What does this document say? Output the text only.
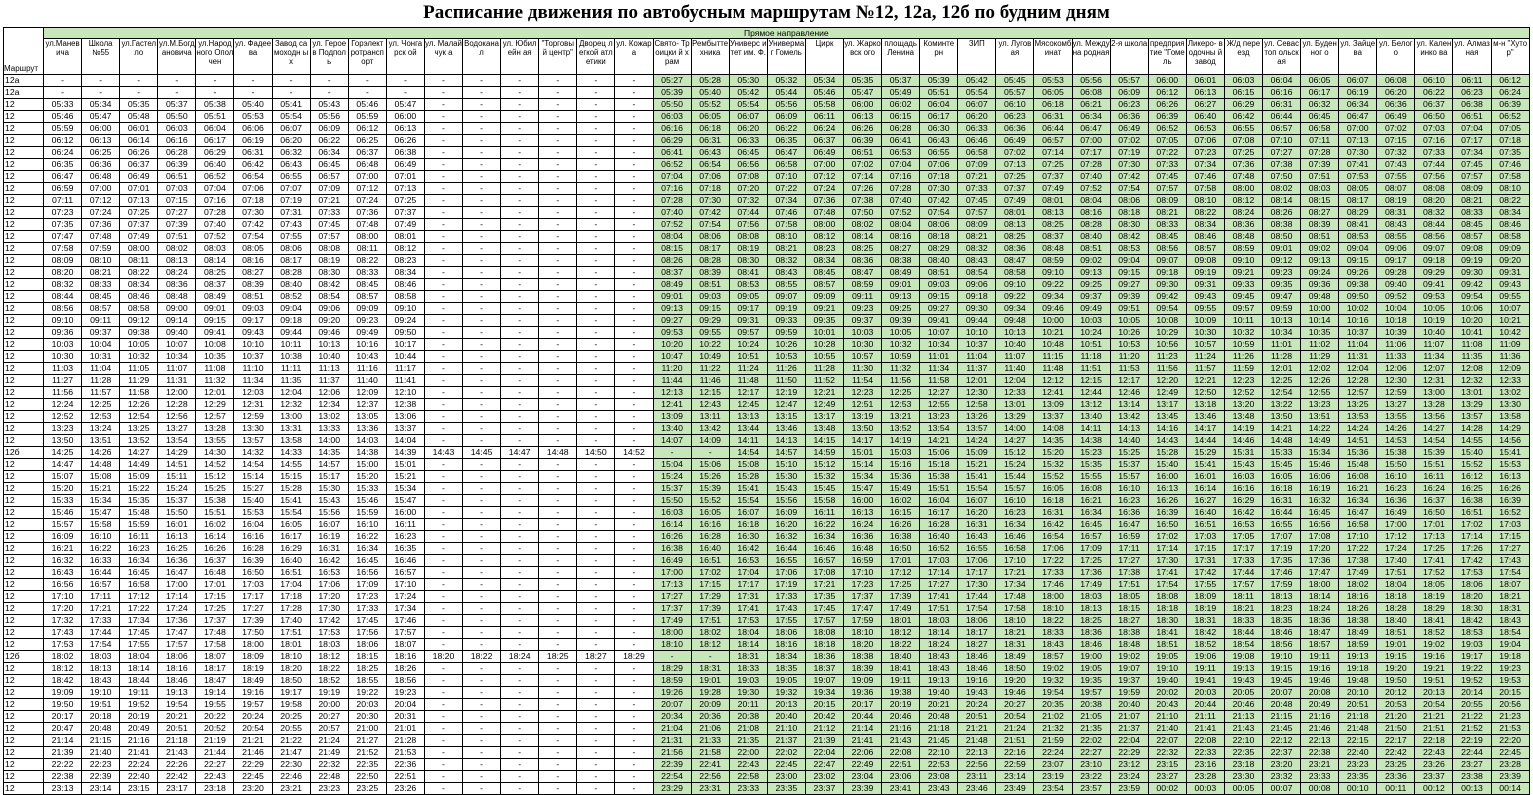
Расписание движения по автобусным маршрутам №12, 12а, 12б по будним дням
Маршрут	Прямое направление																																						
	ул.Манев ича	Школа №55	ул.Гастел ло	ул.М.Богд ановича	ул.Народ ного Ополчен	ул. Фадеева	Завод самоходн ых	ул. Героев Подполь	Горэлект ротрансп орт	ул. Чонгарск ой	ул. Малайчук а	Водокана л	ул. Юбилейн ая	"Торговы й центр"	Дворец легкой атлетики	ул. Кожара	Свято- Троицки й храм	Рембытте хника	Универс итет им. Ф.	Универма г Гомель	Цирк	ул. Жарковск ого	площадь Ленина	Коминте рн	ЗИП	ул. Луговая	Мясокомб инат	ул. Междуна родная	2-я школа	предприя тие "Гомель	Ликеро- водочны й завод	Ж/д переезд	ул. Севастоп ольская	ул. Буденног о	ул. Зайцева	ул. Белого	ул. Каленинко ва	ул. Алмазная	м-н "Хутор"
12а	-	-	-	-	-	-	-	-	-	-	-	-	-	-	-	-	05:27	05:28	05:30	05:32	05:34	05:35	05:37	05:39	05:42	05:45	05:53	05:56	05:57	06:00	06:01	06:03	06:04	06:05	06:07	06:08	06:10	06:11	06:12
12а	-	-	-	-	-	-	-	-	-	-	-	-	-	-	-	-	05:39	05:40	05:42	05:44	05:46	05:47	05:49	05:51	05:54	05:57	06:05	06:08	06:09	06:12	06:13	06:15	06:16	06:17	06:19	06:20	06:22	06:23	06:24
12	05:33	05:34	05:35	05:37	05:38	05:40	05:41	05:43	05:46	05:47	-	-	-	-	-	-	05:50	05:52	05:54	05:56	05:58	06:00	06:02	06:04	06:07	06:10	06:18	06:21	06:23	06:26	06:27	06:29	06:31	06:32	06:34	06:36	06:37	06:38	06:39
12	05:46	05:47	05:48	05:50	05:51	05:53	05:54	05:56	05:59	06:00	-	-	-	-	-	-	06:03	06:05	06:07	06:09	06:11	06:13	06:15	06:17	06:20	06:23	06:31	06:34	06:36	06:39	06:40	06:42	06:44	06:45	06:47	06:49	06:50	06:51	06:52
12	05:59	06:00	06:01	06:03	06:04	06:06	06:07	06:09	06:12	06:13	-	-	-	-	-	-	06:16	06:18	06:20	06:22	06:24	06:26	06:28	06:30	06:33	06:36	06:44	06:47	06:49	06:52	06:53	06:55	06:57	06:58	07:00	07:02	07:03	07:04	07:05
12	06:12	06:13	06:14	06:16	06:17	06:19	06:20	06:22	06:25	06:26	-	-	-	-	-	-	06:29	06:31	06:33	06:35	06:37	06:39	06:41	06:43	06:46	06:49	06:57	07:00	07:02	07:05	07:06	07:08	07:10	07:11	07:13	07:15	07:16	07:17	07:18
12	06:24	06:25	06:26	06:28	06:29	06:31	06:32	06:34	06:37	06:38	-	-	-	-	-	-	06:41	06:43	06:45	06:47	06:49	06:51	06:53	06:55	06:58	07:02	07:14	07:17	07:19	07:22	07:23	07:25	07:27	07:28	07:30	07:32	07:33	07:34	07:35
12	06:35	06:36	06:37	06:39	06:40	06:42	06:43	06:45	06:48	06:49	-	-	-	-	-	-	06:52	06:54	06:56	06:58	07:00	07:02	07:04	07:06	07:09	07:13	07:25	07:28	07:30	07:33	07:34	07:36	07:38	07:39	07:41	07:43	07:44	07:45	07:46
12	06:47	06:48	06:49	06:51	06:52	06:54	06:55	06:57	07:00	07:01	-	-	-	-	-	-	07:04	07:06	07:08	07:10	07:12	07:14	07:16	07:18	07:21	07:25	07:37	07:40	07:42	07:45	07:46	07:48	07:50	07:51	07:53	07:55	07:56	07:57	07:58
12	06:59	07:00	07:01	07:03	07:04	07:06	07:07	07:09	07:12	07:13	-	-	-	-	-	-	07:16	07:18	07:20	07:22	07:24	07:26	07:28	07:30	07:33	07:37	07:49	07:52	07:54	07:57	07:58	08:00	08:02	08:03	08:05	08:07	08:08	08:09	08:10
12	07:11	07:12	07:13	07:15	07:16	07:18	07:19	07:21	07:24	07:25	-	-	-	-	-	-	07:28	07:30	07:32	07:34	07:36	07:38	07:40	07:42	07:45	07:49	08:01	08:04	08:06	08:09	08:10	08:12	08:14	08:15	08:17	08:19	08:20	08:21	08:22
12	07:23	07:24	07:25	07:27	07:28	07:30	07:31	07:33	07:36	07:37	-	-	-	-	-	-	07:40	07:42	07:44	07:46	07:48	07:50	07:52	07:54	07:57	08:01	08:13	08:16	08:18	08:21	08:22	08:24	08:26	08:27	08:29	08:31	08:32	08:33	08:34
12	07:35	07:36	07:37	07:39	07:40	07:42	07:43	07:45	07:48	07:49	-	-	-	-	-	-	07:52	07:54	07:56	07:58	08:00	08:02	08:04	08:06	08:09	08:13	08:25	08:28	08:30	08:33	08:34	08:36	08:38	08:39	08:41	08:43	08:44	08:45	08:46
12	07:47	07:48	07:49	07:51	07:52	07:54	07:55	07:57	08:00	08:01	-	-	-	-	-	-	08:04	08:06	08:08	08:10	08:12	08:14	08:16	08:18	08:21	08:25	08:37	08:40	08:42	08:45	08:46	08:48	08:50	08:51	08:53	08:55	08:56	08:57	08:58
12	07:58	07:59	08:00	08:02	08:03	08:05	08:06	08:08	08:11	08:12	-	-	-	-	-	-	08:15	08:17	08:19	08:21	08:23	08:25	08:27	08:29	08:32	08:36	08:48	08:51	08:53	08:56	08:57	08:59	09:01	09:02	09:04	09:06	09:07	09:08	09:09
12	08:09	08:10	08:11	08:13	08:14	08:16	08:17	08:19	08:22	08:23	-	-	-	-	-	-	08:26	08:28	08:30	08:32	08:34	08:36	08:38	08:40	08:43	08:47	08:59	09:02	09:04	09:07	09:08	09:10	09:12	09:13	09:15	09:17	09:18	09:19	09:20
12	08:20	08:21	08:22	08:24	08:25	08:27	08:28	08:30	08:33	08:34	-	-	-	-	-	-	08:37	08:39	08:41	08:43	08:45	08:47	08:49	08:51	08:54	08:58	09:10	09:13	09:15	09:18	09:19	09:21	09:23	09:24	09:26	09:28	09:29	09:30	09:31
12	08:32	08:33	08:34	08:36	08:37	08:39	08:40	08:42	08:45	08:46	-	-	-	-	-	-	08:49	08:51	08:53	08:55	08:57	08:59	09:01	09:03	09:06	09:10	09:22	09:25	09:27	09:30	09:31	09:33	09:35	09:36	09:38	09:40	09:41	09:42	09:43
12	08:44	08:45	08:46	08:48	08:49	08:51	08:52	08:54	08:57	08:58	-	-	-	-	-	-	09:01	09:03	09:05	09:07	09:09	09:11	09:13	09:15	09:18	09:22	09:34	09:37	09:39	09:42	09:43	09:45	09:47	09:48	09:50	09:52	09:53	09:54	09:55
12	08:56	08:57	08:58	09:00	09:01	09:03	09:04	09:06	09:09	09:10	-	-	-	-	-	-	09:13	09:15	09:17	09:19	09:21	09:23	09:25	09:27	09:30	09:34	09:46	09:49	09:51	09:54	09:55	09:57	09:59	10:00	10:02	10:04	10:05	10:06	10:07
12	09:10	09:11	09:12	09:14	09:15	09:17	09:18	09:20	09:23	09:24	-	-	-	-	-	-	09:27	09:29	09:31	09:33	09:35	09:37	09:39	09:41	09:44	09:48	10:00	10:03	10:05	10:08	10:09	10:11	10:13	10:14	10:16	10:18	10:19	10:20	10:21
12	09:36	09:37	09:38	09:40	09:41	09:43	09:44	09:46	09:49	09:50	-	-	-	-	-	-	09:53	09:55	09:57	09:59	10:01	10:03	10:05	10:07	10:10	10:13	10:21	10:24	10:26	10:29	10:30	10:32	10:34	10:35	10:37	10:39	10:40	10:41	10:42
12	10:03	10:04	10:05	10:07	10:08	10:10	10:11	10:13	10:16	10:17	-	-	-	-	-	-	10:20	10:22	10:24	10:26	10:28	10:30	10:32	10:34	10:37	10:40	10:48	10:51	10:53	10:56	10:57	10:59	11:01	11:02	11:04	11:06	11:07	11:08	11:09
12	10:30	10:31	10:32	10:34	10:35	10:37	10:38	10:40	10:43	10:44	-	-	-	-	-	-	10:47	10:49	10:51	10:53	10:55	10:57	10:59	11:01	11:04	11:07	11:15	11:18	11:20	11:23	11:24	11:26	11:28	11:29	11:31	11:33	11:34	11:35	11:36
12	11:03	11:04	11:05	11:07	11:08	11:10	11:11	11:13	11:16	11:17	-	-	-	-	-	-	11:20	11:22	11:24	11:26	11:28	11:30	11:32	11:34	11:37	11:40	11:48	11:51	11:53	11:56	11:57	11:59	12:01	12:02	12:04	12:06	12:07	12:08	12:09
12	11:27	11:28	11:29	11:31	11:32	11:34	11:35	11:37	11:40	11:41	-	-	-	-	-	-	11:44	11:46	11:48	11:50	11:52	11:54	11:56	11:58	12:01	12:04	12:12	12:15	12:17	12:20	12:21	12:23	12:25	12:26	12:28	12:30	12:31	12:32	12:33
12	11:56	11:57	11:58	12:00	12:01	12:03	12:04	12:06	12:09	12:10	-	-	-	-	-	-	12:13	12:15	12:17	12:19	12:21	12:23	12:25	12:27	12:30	12:33	12:41	12:44	12:46	12:49	12:50	12:52	12:54	12:55	12:57	12:59	13:00	13:01	13:02
12	12:24	12:25	12:26	12:28	12:29	12:31	12:32	12:34	12:37	12:38	-	-	-	-	-	-	12:41	12:43	12:45	12:47	12:49	12:51	12:53	12:55	12:58	13:01	13:09	13:12	13:14	13:17	13:18	13:20	13:22	13:23	13:25	13:27	13:28	13:29	13:30
12	12:52	12:53	12:54	12:56	12:57	12:59	13:00	13:02	13:05	13:06	-	-	-	-	-	-	13:09	13:11	13:13	13:15	13:17	13:19	13:21	13:23	13:26	13:29	13:37	13:40	13:42	13:45	13:46	13:48	13:50	13:51	13:53	13:55	13:56	13:57	13:58
12	13:23	13:24	13:25	13:27	13:28	13:30	13:31	13:33	13:36	13:37	-	-	-	-	-	-	13:40	13:42	13:44	13:46	13:48	13:50	13:52	13:54	13:57	14:00	14:08	14:11	14:13	14:16	14:17	14:19	14:21	14:22	14:24	14:26	14:27	14:28	14:29
12	13:50	13:51	13:52	13:54	13:55	13:57	13:58	14:00	14:03	14:04	-	-	-	-	-	-	14:07	14:09	14:11	14:13	14:15	14:17	14:19	14:21	14:24	14:27	14:35	14:38	14:40	14:43	14:44	14:46	14:48	14:49	14:51	14:53	14:54	14:55	14:56
12б	14:25	14:26	14:27	14:29	14:30	14:32	14:33	14:35	14:38	14:39	14:43	14:45	14:47	14:48	14:50	14:52	-	-	14:54	14:57	14:59	15:01	15:03	15:06	15:09	15:12	15:20	15:23	15:25	15:28	15:29	15:31	15:33	15:34	15:36	15:38	15:39	15:40	15:41
12	14:47	14:48	14:49	14:51	14:52	14:54	14:55	14:57	15:00	15:01	-	-	-	-	-	-	15:04	15:06	15:08	15:10	15:12	15:14	15:16	15:18	15:21	15:24	15:32	15:35	15:37	15:40	15:41	15:43	15:45	15:46	15:48	15:50	15:51	15:52	15:53
12	15:07	15:08	15:09	15:11	15:12	15:14	15:15	15:17	15:20	15:21	-	-	-	-	-	-	15:24	15:26	15:28	15:30	15:32	15:34	15:36	15:38	15:41	15:44	15:52	15:55	15:57	16:00	16:01	16:03	16:05	16:06	16:08	16:10	16:11	16:12	16:13
12	15:20	15:21	15:22	15:24	15:25	15:27	15:28	15:30	15:33	15:34	-	-	-	-	-	-	15:37	15:39	15:41	15:43	15:45	15:47	15:49	15:51	15:54	15:57	16:05	16:08	16:10	16:13	16:14	16:16	16:18	16:19	16:21	16:23	16:24	16:25	16:26
12	15:33	15:34	15:35	15:37	15:38	15:40	15:41	15:43	15:46	15:47	-	-	-	-	-	-	15:50	15:52	15:54	15:56	15:58	16:00	16:02	16:04	16:07	16:10	16:18	16:21	16:23	16:26	16:27	16:29	16:31	16:32	16:34	16:36	16:37	16:38	16:39
12	15:46	15:47	15:48	15:50	15:51	15:53	15:54	15:56	15:59	16:00	-	-	-	-	-	-	16:03	16:05	16:07	16:09	16:11	16:13	16:15	16:17	16:20	16:23	16:31	16:34	16:36	16:39	16:40	16:42	16:44	16:45	16:47	16:49	16:50	16:51	16:52
12	15:57	15:58	15:59	16:01	16:02	16:04	16:05	16:07	16:10	16:11	-	-	-	-	-	-	16:14	16:16	16:18	16:20	16:22	16:24	16:26	16:28	16:31	16:34	16:42	16:45	16:47	16:50	16:51	16:53	16:55	16:56	16:58	17:00	17:01	17:02	17:03
12	16:09	16:10	16:11	16:13	16:14	16:16	16:17	16:19	16:22	16:23	-	-	-	-	-	-	16:26	16:28	16:30	16:32	16:34	16:36	16:38	16:40	16:43	16:46	16:54	16:57	16:59	17:02	17:03	17:05	17:07	17:08	17:10	17:12	17:13	17:14	17:15
12	16:21	16:22	16:23	16:25	16:26	16:28	16:29	16:31	16:34	16:35	-	-	-	-	-	-	16:38	16:40	16:42	16:44	16:46	16:48	16:50	16:52	16:55	16:58	17:06	17:09	17:11	17:14	17:15	17:17	17:19	17:20	17:22	17:24	17:25	17:26	17:27
12	16:32	16:33	16:34	16:36	16:37	16:39	16:40	16:42	16:45	16:46	-	-	-	-	-	-	16:49	16:51	16:53	16:55	16:57	16:59	17:01	17:03	17:06	17:10	17:22	17:25	17:27	17:30	17:31	17:33	17:35	17:36	17:38	17:40	17:41	17:42	17:43
12	16:43	16:44	16:45	16:47	16:48	16:50	16:51	16:53	16:56	16:57	-	-	-	-	-	-	17:00	17:02	17:04	17:06	17:08	17:10	17:12	17:14	17:17	17:21	17:33	17:36	17:38	17:41	17:42	17:44	17:46	17:47	17:49	17:51	17:52	17:53	17:54
12	16:56	16:57	16:58	17:00	17:01	17:03	17:04	17:06	17:09	17:10	-	-	-	-	-	-	17:13	17:15	17:17	17:19	17:21	17:23	17:25	17:27	17:30	17:34	17:46	17:49	17:51	17:54	17:55	17:57	17:59	18:00	18:02	18:04	18:05	18:06	18:07
12	17:10	17:11	17:12	17:14	17:15	17:17	17:18	17:20	17:23	17:24	-	-	-	-	-	-	17:27	17:29	17:31	17:33	17:35	17:37	17:39	17:41	17:44	17:48	18:00	18:03	18:05	18:08	18:09	18:11	18:13	18:14	18:16	18:18	18:19	18:20	18:21
12	17:20	17:21	17:22	17:24	17:25	17:27	17:28	17:30	17:33	17:34	-	-	-	-	-	-	17:37	17:39	17:41	17:43	17:45	17:47	17:49	17:51	17:54	17:58	18:10	18:13	18:15	18:18	18:19	18:21	18:23	18:24	18:26	18:28	18:29	18:30	18:31
12	17:32	17:33	17:34	17:36	17:37	17:39	17:40	17:42	17:45	17:46	-	-	-	-	-	-	17:49	17:51	17:53	17:55	17:57	17:59	18:01	18:03	18:06	18:10	18:22	18:25	18:27	18:30	18:31	18:33	18:35	18:36	18:38	18:40	18:41	18:42	18:43
12	17:43	17:44	17:45	17:47	17:48	17:50	17:51	17:53	17:56	17:57	-	-	-	-	-	-	18:00	18:02	18:04	18:06	18:08	18:10	18:12	18:14	18:17	18:21	18:33	18:36	18:38	18:41	18:42	18:44	18:46	18:47	18:49	18:51	18:52	18:53	18:54
12	17:53	17:54	17:55	17:57	17:58	18:00	18:01	18:03	18:06	18:07	-	-	-	-	-	-	18:10	18:12	18:14	18:16	18:18	18:20	18:22	18:24	18:27	18:31	18:43	18:46	18:48	18:51	18:52	18:54	18:56	18:57	18:59	19:01	19:02	19:03	19:04
12б	18:02	18:03	18:04	18:06	18:07	18:09	18:10	18:12	18:15	18:16	18:20	18:22	18:24	18:25	18:27	18:29	-	-	18:31	18:34	18:36	18:38	18:40	18:43	18:46	18:49	18:57	19:00	19:02	19:05	19:06	19:08	19:10	19:11	19:13	19:15	19:16	19:17	19:18
12	18:12	18:13	18:14	18:16	18:17	18:19	18:20	18:22	18:25	18:26	-	-	-	-	-	-	18:29	18:31	18:33	18:35	18:37	18:39	18:41	18:43	18:46	18:50	19:02	19:05	19:07	19:10	19:11	19:13	19:15	19:16	19:18	19:20	19:21	19:22	19:23
12	18:42	18:43	18:44	18:46	18:47	18:49	18:50	18:52	18:55	18:56	-	-	-	-	-	-	18:59	19:01	19:03	19:05	19:07	19:09	19:11	19:13	19:16	19:20	19:32	19:35	19:37	19:40	19:41	19:43	19:45	19:46	19:48	19:50	19:51	19:52	19:53
12	19:09	19:10	19:11	19:13	19:14	19:16	19:17	19:19	19:22	19:23	-	-	-	-	-	-	19:26	19:28	19:30	19:32	19:34	19:36	19:38	19:40	19:43	19:46	19:54	19:57	19:59	20:02	20:03	20:05	20:07	20:08	20:10	20:12	20:13	20:14	20:15
12	19:50	19:51	19:52	19:54	19:55	19:57	19:58	20:00	20:03	20:04	-	-	-	-	-	-	20:07	20:09	20:11	20:13	20:15	20:17	20:19	20:21	20:24	20:27	20:35	20:38	20:40	20:43	20:44	20:46	20:48	20:49	20:51	20:53	20:54	20:55	20:56
12	20:17	20:18	20:19	20:21	20:22	20:24	20:25	20:27	20:30	20:31	-	-	-	-	-	-	20:34	20:36	20:38	20:40	20:42	20:44	20:46	20:48	20:51	20:54	21:02	21:05	21:07	21:10	21:11	21:13	21:15	21:16	21:18	21:20	21:21	21:22	21:23
12	20:47	20:48	20:49	20:51	20:52	20:54	20:55	20:57	21:00	21:01	-	-	-	-	-	-	21:04	21:06	21:08	21:10	21:12	21:14	21:16	21:18	21:21	21:24	21:32	21:35	21:37	21:40	21:41	21:43	21:45	21:46	21:48	21:50	21:51	21:52	21:53
12	21:14	21:15	21:16	21:18	21:19	21:21	21:22	21:24	21:27	21:28	-	-	-	-	-	-	21:31	21:33	21:35	21:37	21:39	21:41	21:43	21:45	21:48	21:51	21:59	22:02	22:04	22:07	22:08	22:10	22:12	22:13	22:15	22:17	22:18	22:19	22:20
12	21:39	21:40	21:41	21:43	21:44	21:46	21:47	21:49	21:52	21:53	-	-	-	-	-	-	21:56	21:58	22:00	22:02	22:04	22:06	22:08	22:10	22:13	22:16	22:24	22:27	22:29	22:32	22:33	22:35	22:37	22:38	22:40	22:42	22:43	22:44	22:45
12	22:22	22:23	22:24	22:26	22:27	22:29	22:30	22:32	22:35	22:36	-	-	-	-	-	-	22:39	22:41	22:43	22:45	22:47	22:49	22:51	22:53	22:56	22:59	23:07	23:10	23:12	23:15	23:16	23:18	23:20	23:21	23:23	23:25	23:26	23:27	23:28
12	22:38	22:39	22:40	22:42	22:43	22:45	22:46	22:48	22:50	22:51	-	-	-	-	-	-	22:54	22:56	22:58	23:00	23:02	23:04	23:06	23:08	23:11	23:14	23:19	23:22	23:24	23:27	23:28	23:30	23:32	23:33	23:35	23:36	23:37	23:38	23:39
12	23:13	23:14	23:15	23:17	23:18	23:20	23:21	23:23	23:25	23:26	-	-	-	-	-	-	23:29	23:31	23:33	23:35	23:37	23:39	23:41	23:43	23:46	23:49	23:54	23:57	23:59	00:02	00:03	00:05	00:07	00:08	00:10	00:11	00:12	00:13	00:14
